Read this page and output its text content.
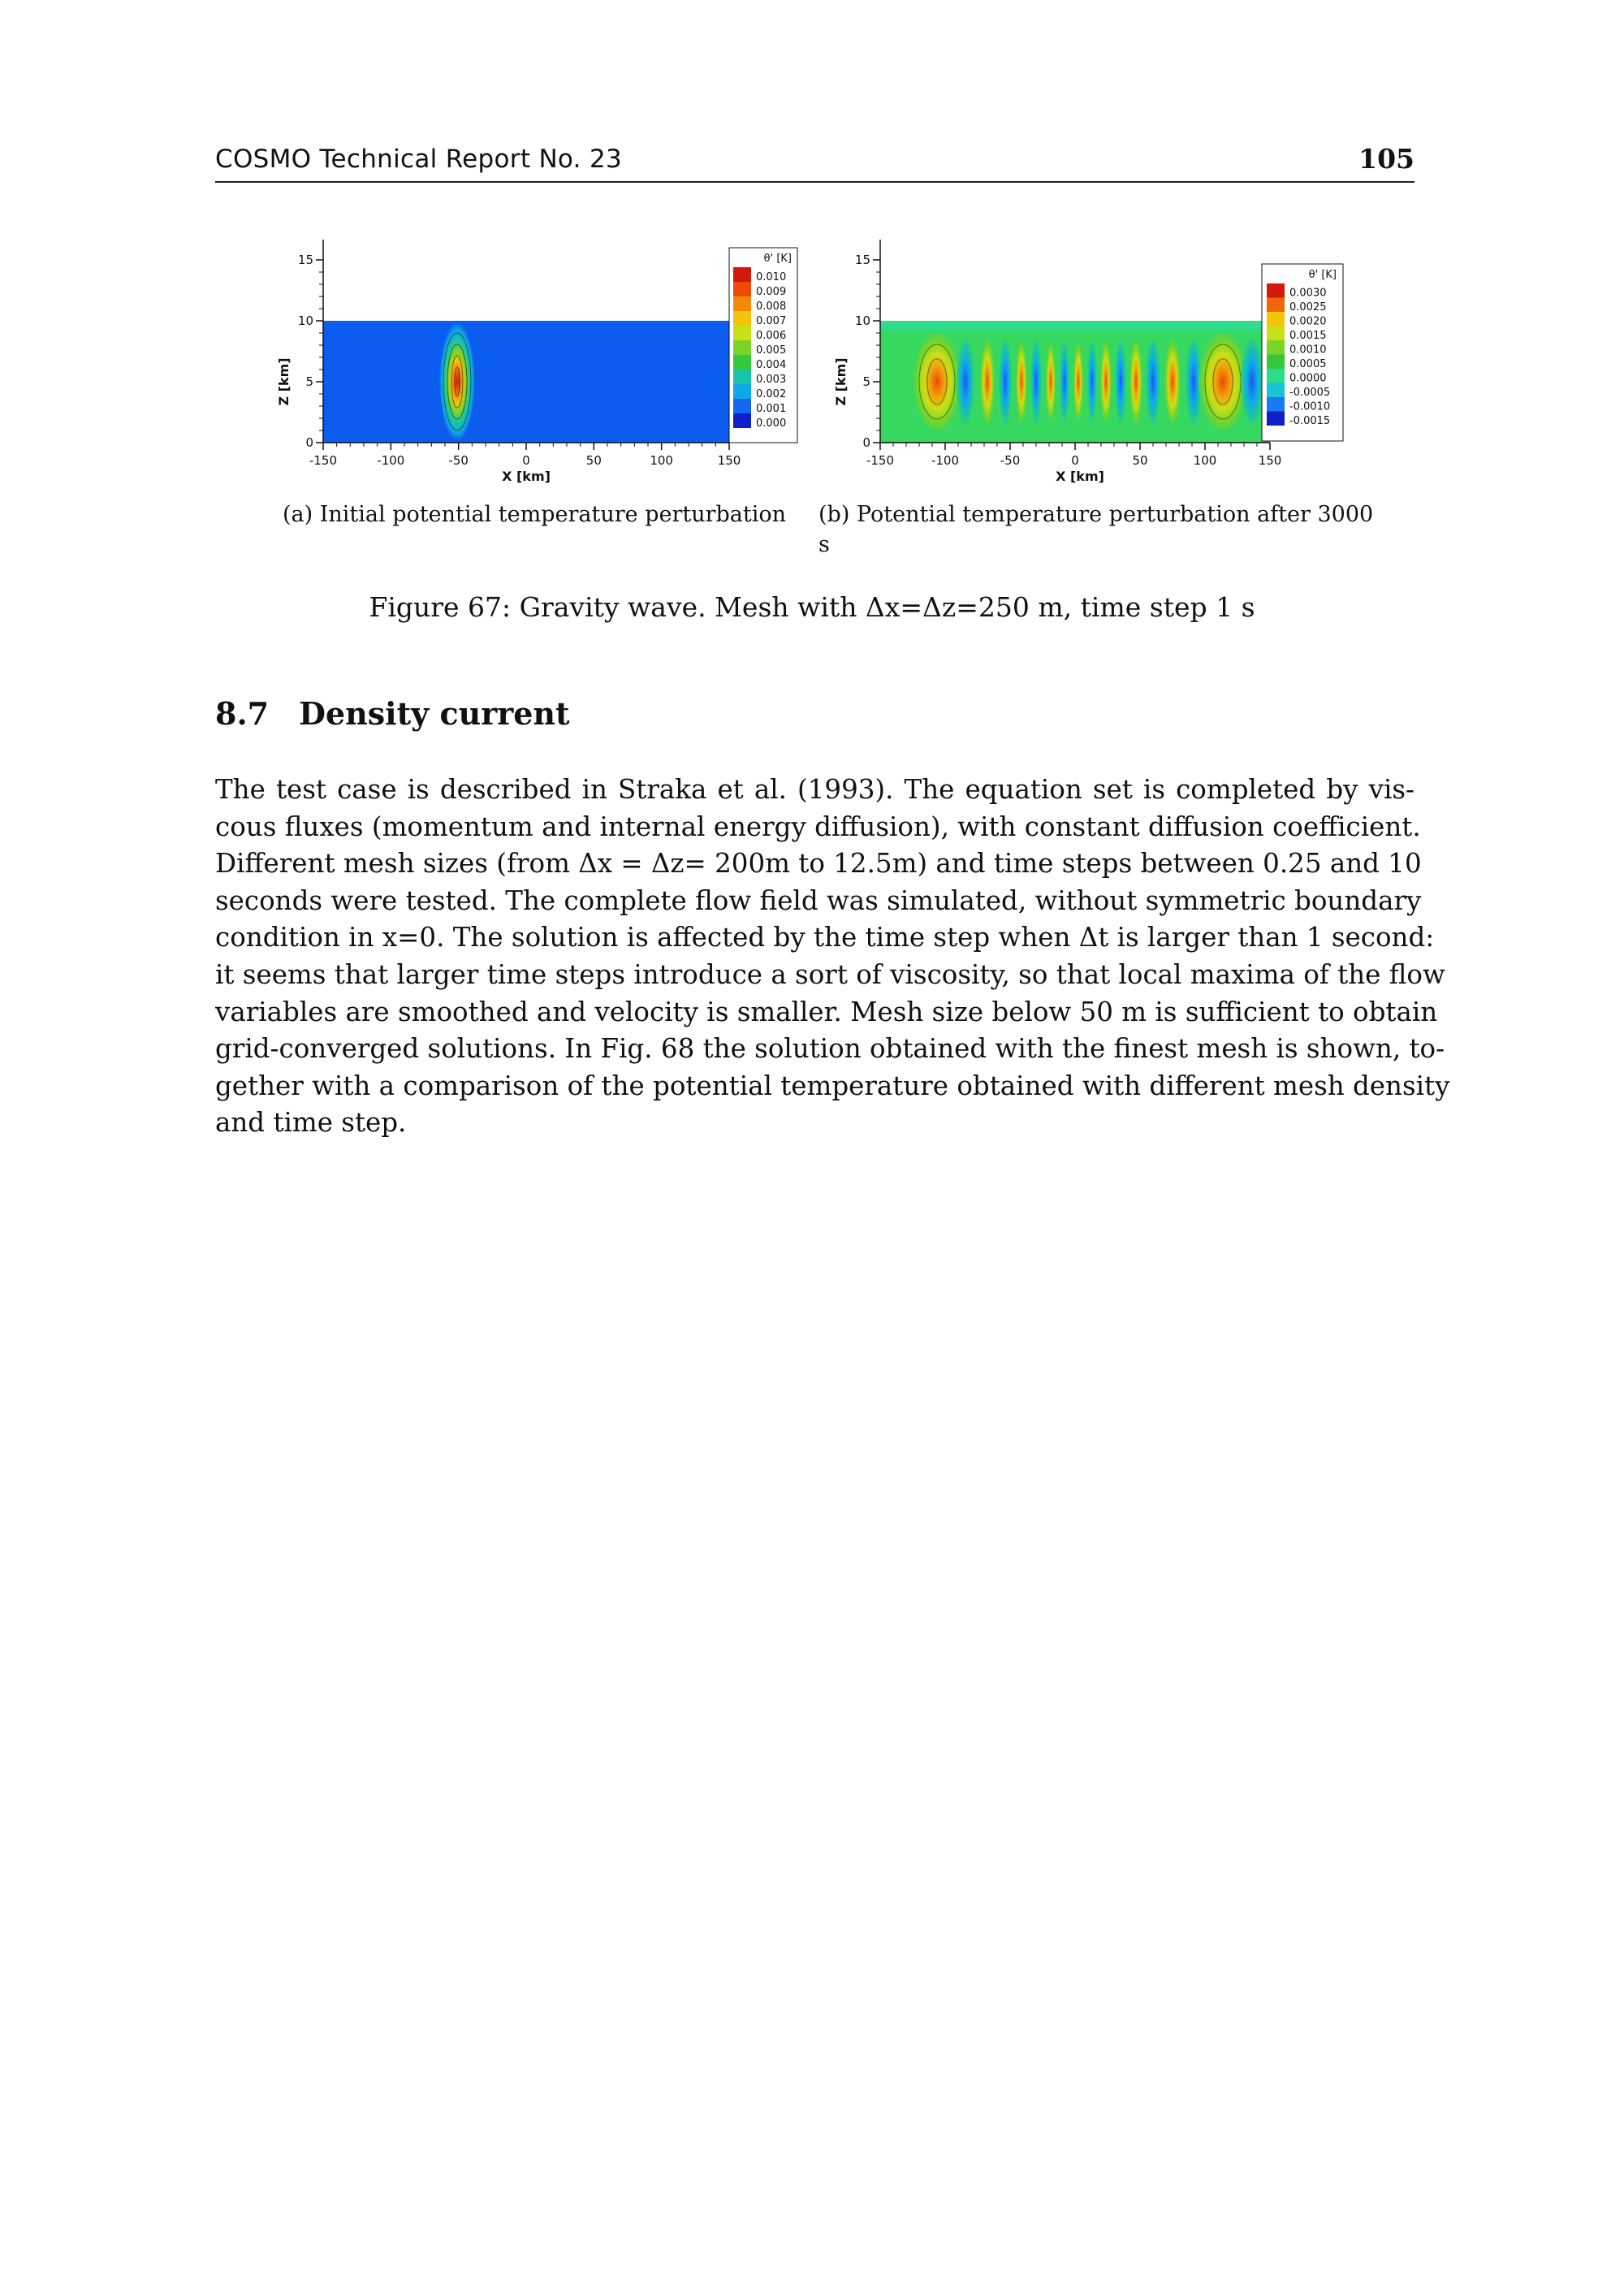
COSMO Technical Report No. 23	105
-150	-100	-50	0	50	100	150
0
5
10
15
X [km]
Z [km]
θ' [K]
0.010
0.009
0.008
0.007
0.006
0.005
0.004
0.003
0.002
0.001
0.000
-150	-100	-50	0	50	100	150
0
5
10
15
X [km]
Z [km]
θ' [K]
0.0030
0.0025
0.0020
0.0015
0.0010
0.0005
0.0000
-0.0005
-0.0010
-0.0015
(a) Initial potential temperature perturbation	(b) Potential temperature perturbation after 3000 s
Figure 67: Gravity wave. Mesh with Δx=Δz=250 m, time step 1 s
8.7 Density current
The test case is described in Straka et al. (1993). The equation set is completed by vis-
cous fluxes (momentum and internal energy diffusion), with constant diffusion coefficient.
Different mesh sizes (from Δx = Δz= 200m to 12.5m) and time steps between 0.25 and 10
seconds were tested. The complete flow field was simulated, without symmetric boundary
condition in x=0. The solution is affected by the time step when Δt is larger than 1 second:
it seems that larger time steps introduce a sort of viscosity, so that local maxima of the flow
variables are smoothed and velocity is smaller. Mesh size below 50 m is sufficient to obtain
grid-converged solutions. In Fig. 68 the solution obtained with the finest mesh is shown, to-
gether with a comparison of the potential temperature obtained with different mesh density
and time step.
